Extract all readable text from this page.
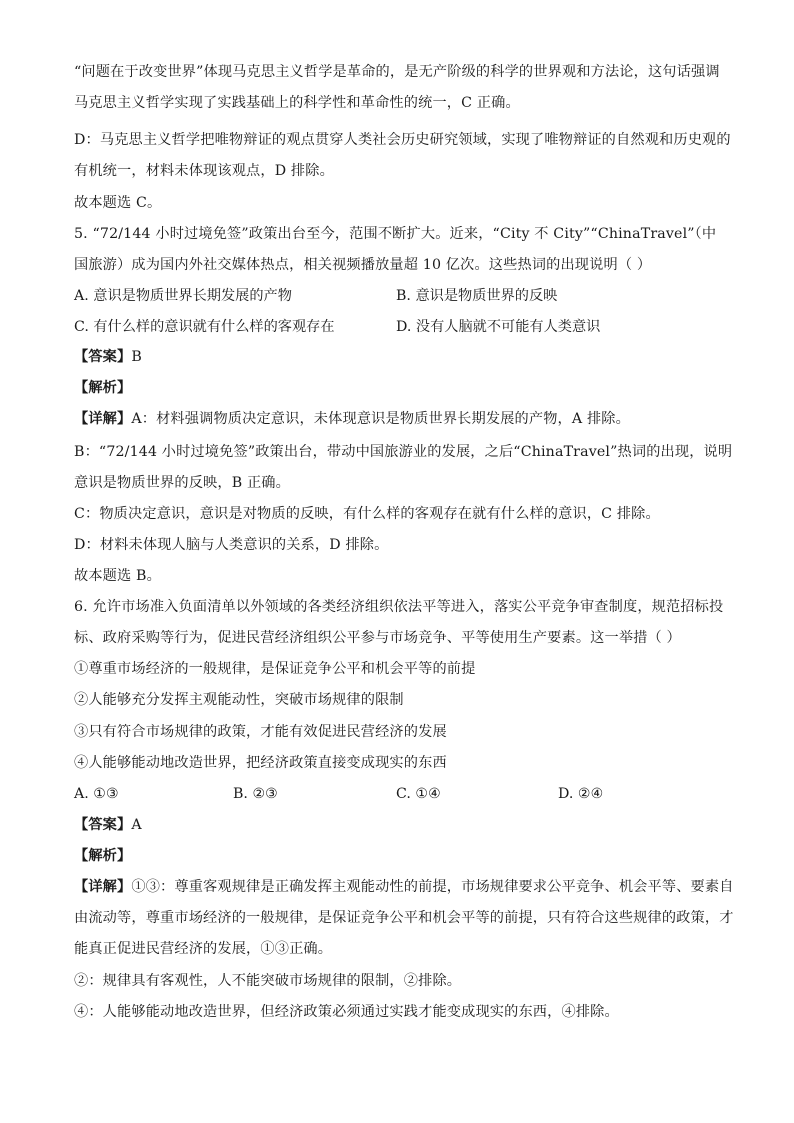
“问题在于改变世界”体现马克思主义哲学是革命的，是无产阶级的科学的世界观和方法论，这句话强调
马克思主义哲学实现了实践基础上的科学性和革命性的统一，C 正确。
D：马克思主义哲学把唯物辩证的观点贯穿人类社会历史研究领域，实现了唯物辩证的自然观和历史观的
有机统一，材料未体现该观点，D 排除。
故本题选 C。
5. “72/144 小时过境免签”政策出台至今，范围不断扩大。近来，“City 不 City”“ChinaTravel”（中
国旅游）成为国内外社交媒体热点，相关视频播放量超 10 亿次。这些热词的出现说明（ ）
A. 意识是物质世界长期发展的产物	B. 意识是物质世界的反映
C. 有什么样的意识就有什么样的客观存在	D. 没有人脑就不可能有人类意识
【答案】B
【解析】
【详解】A：材料强调物质决定意识，未体现意识是物质世界长期发展的产物，A 排除。
B：“72/144 小时过境免签”政策出台，带动中国旅游业的发展，之后“ChinaTravel”热词的出现，说明
意识是物质世界的反映，B 正确。
C：物质决定意识，意识是对物质的反映，有什么样的客观存在就有什么样的意识，C 排除。
D：材料未体现人脑与人类意识的关系，D 排除。
故本题选 B。
6. 允许市场准入负面清单以外领域的各类经济组织依法平等进入，落实公平竞争审查制度，规范招标投
标、政府采购等行为，促进民营经济组织公平参与市场竞争、平等使用生产要素。这一举措（ ）
①尊重市场经济的一般规律，是保证竞争公平和机会平等的前提
②人能够充分发挥主观能动性，突破市场规律的限制
③只有符合市场规律的政策，才能有效促进民营经济的发展
④人能够能动地改造世界，把经济政策直接变成现实的东西
A. ①③	B. ②③	C. ①④	D. ②④
【答案】A
【解析】
【详解】①③：尊重客观规律是正确发挥主观能动性的前提，市场规律要求公平竞争、机会平等、要素自
由流动等，尊重市场经济的一般规律，是保证竞争公平和机会平等的前提，只有符合这些规律的政策，才
能真正促进民营经济的发展，①③正确。
②：规律具有客观性，人不能突破市场规律的限制，②排除。
④：人能够能动地改造世界，但经济政策必须通过实践才能变成现实的东西，④排除。
